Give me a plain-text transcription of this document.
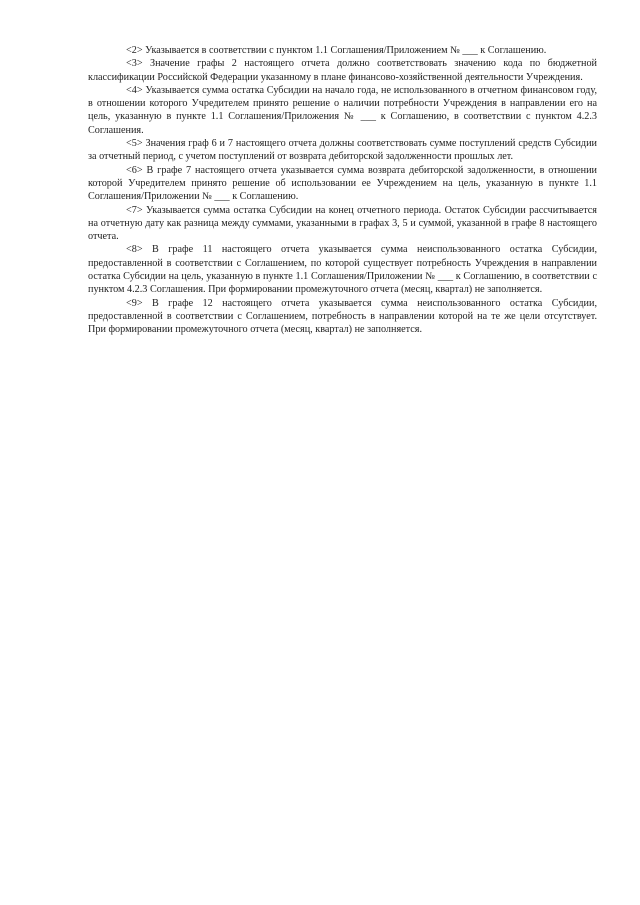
<2> Указывается в соответствии с пунктом 1.1 Соглашения/Приложением № ___ к Соглашению.

<3> Значение графы 2 настоящего отчета должно соответствовать значению кода по бюджетной классификации Российской Федерации указанному в плане финансово-хозяйственной деятельности Учреждения.

<4> Указывается сумма остатка Субсидии на начало года, не использованного в отчетном финансовом году, в отношении которого Учредителем принято решение о наличии потребности Учреждения в направлении его на цель, указанную в пункте 1.1 Соглашения/Приложения № ___ к Соглашению, в соответствии с пунктом 4.2.3 Соглашения.

<5> Значения граф 6 и 7 настоящего отчета должны соответствовать сумме поступлений средств Субсидии за отчетный период, с учетом поступлений от возврата дебиторской задолженности прошлых лет.

<6> В графе 7 настоящего отчета указывается сумма возврата дебиторской задолженности, в отношении которой Учредителем принято решение об использовании ее Учреждением на цель, указанную в пункте 1.1 Соглашения/Приложении № ___ к Соглашению.

<7> Указывается сумма остатка Субсидии на конец отчетного периода. Остаток Субсидии рассчитывается на отчетную дату как разница между суммами, указанными в графах 3, 5 и суммой, указанной в графе 8 настоящего отчета.

<8> В графе 11 настоящего отчета указывается сумма неиспользованного остатка Субсидии, предоставленной в соответствии с Соглашением, по которой существует потребность Учреждения в направлении остатка Субсидии на цель, указанную в пункте 1.1 Соглашения/Приложении № ___ к Соглашению, в соответствии с пунктом 4.2.3 Соглашения. При формировании промежуточного отчета (месяц, квартал) не заполняется.

<9> В графе 12 настоящего отчета указывается сумма неиспользованного остатка Субсидии, предоставленной в соответствии с Соглашением, потребность в направлении которой на те же цели отсутствует. При формировании промежуточного отчета (месяц, квартал) не заполняется.
